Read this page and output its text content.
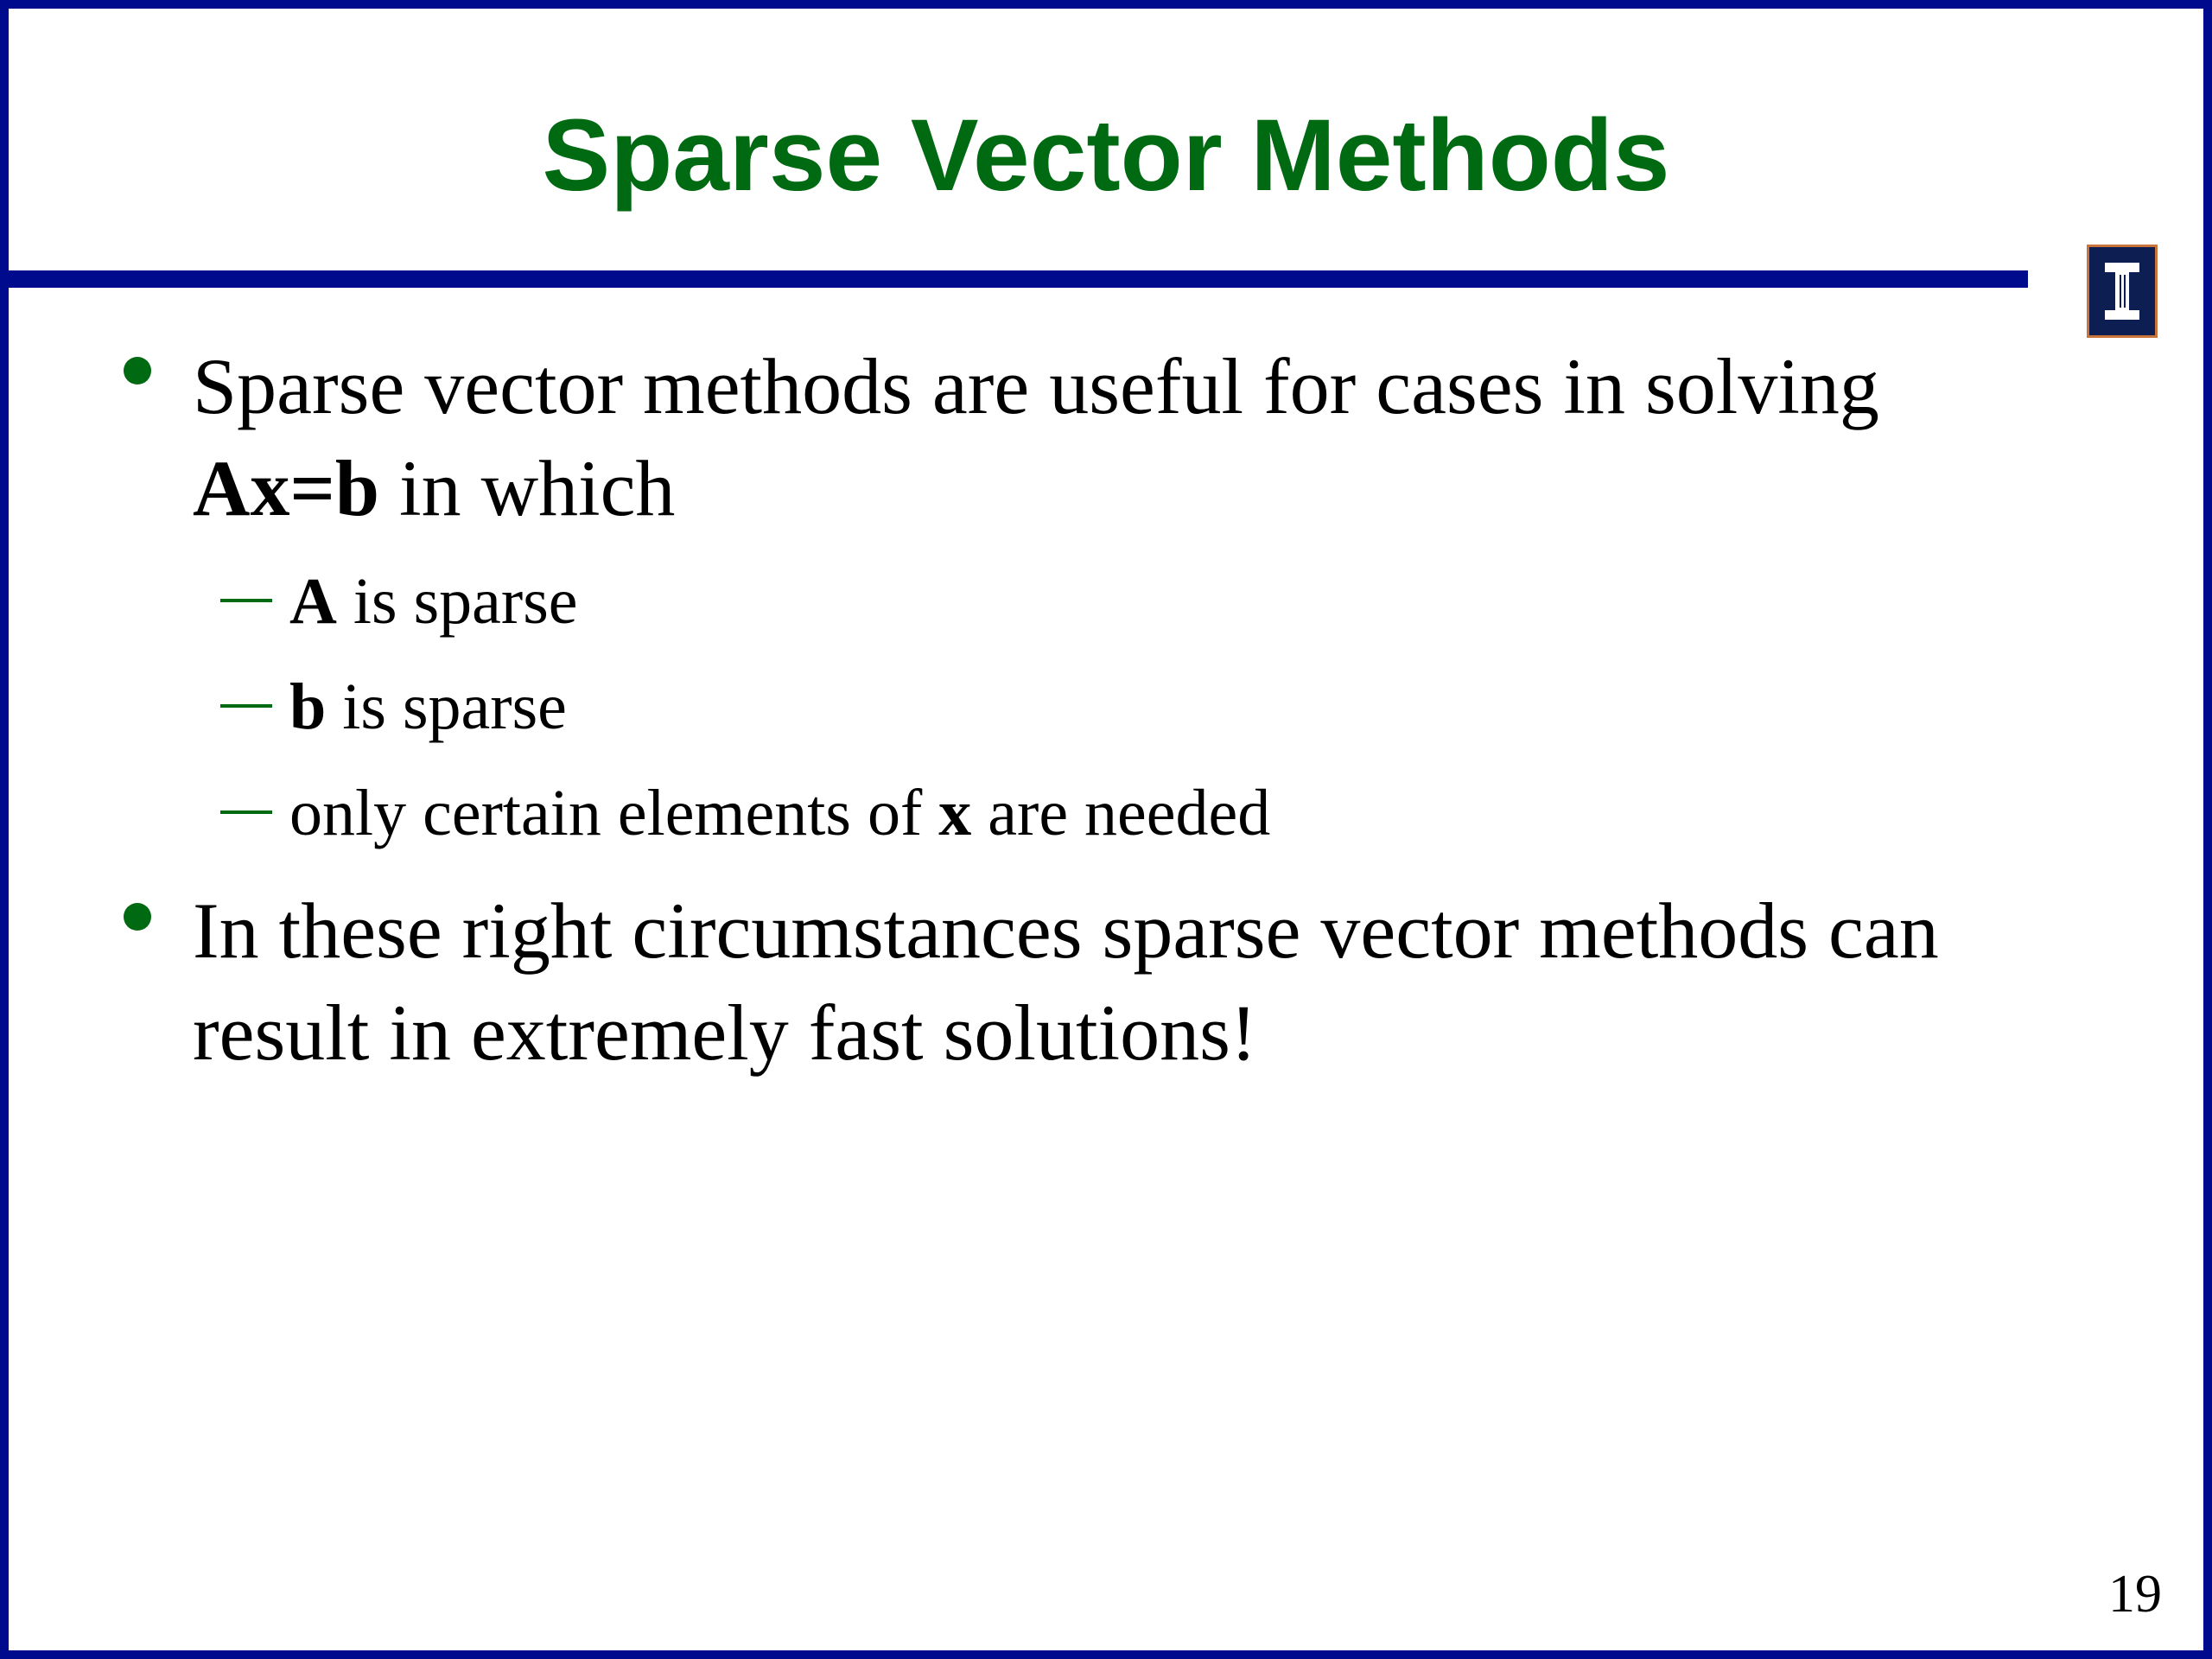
Sparse Vector Methods
Sparse vector methods are useful for cases in solving
Ax=b in which
A is sparse
b is sparse
only certain elements of x are needed
In these right circumstances sparse vector methods can
result in extremely fast solutions!
19
